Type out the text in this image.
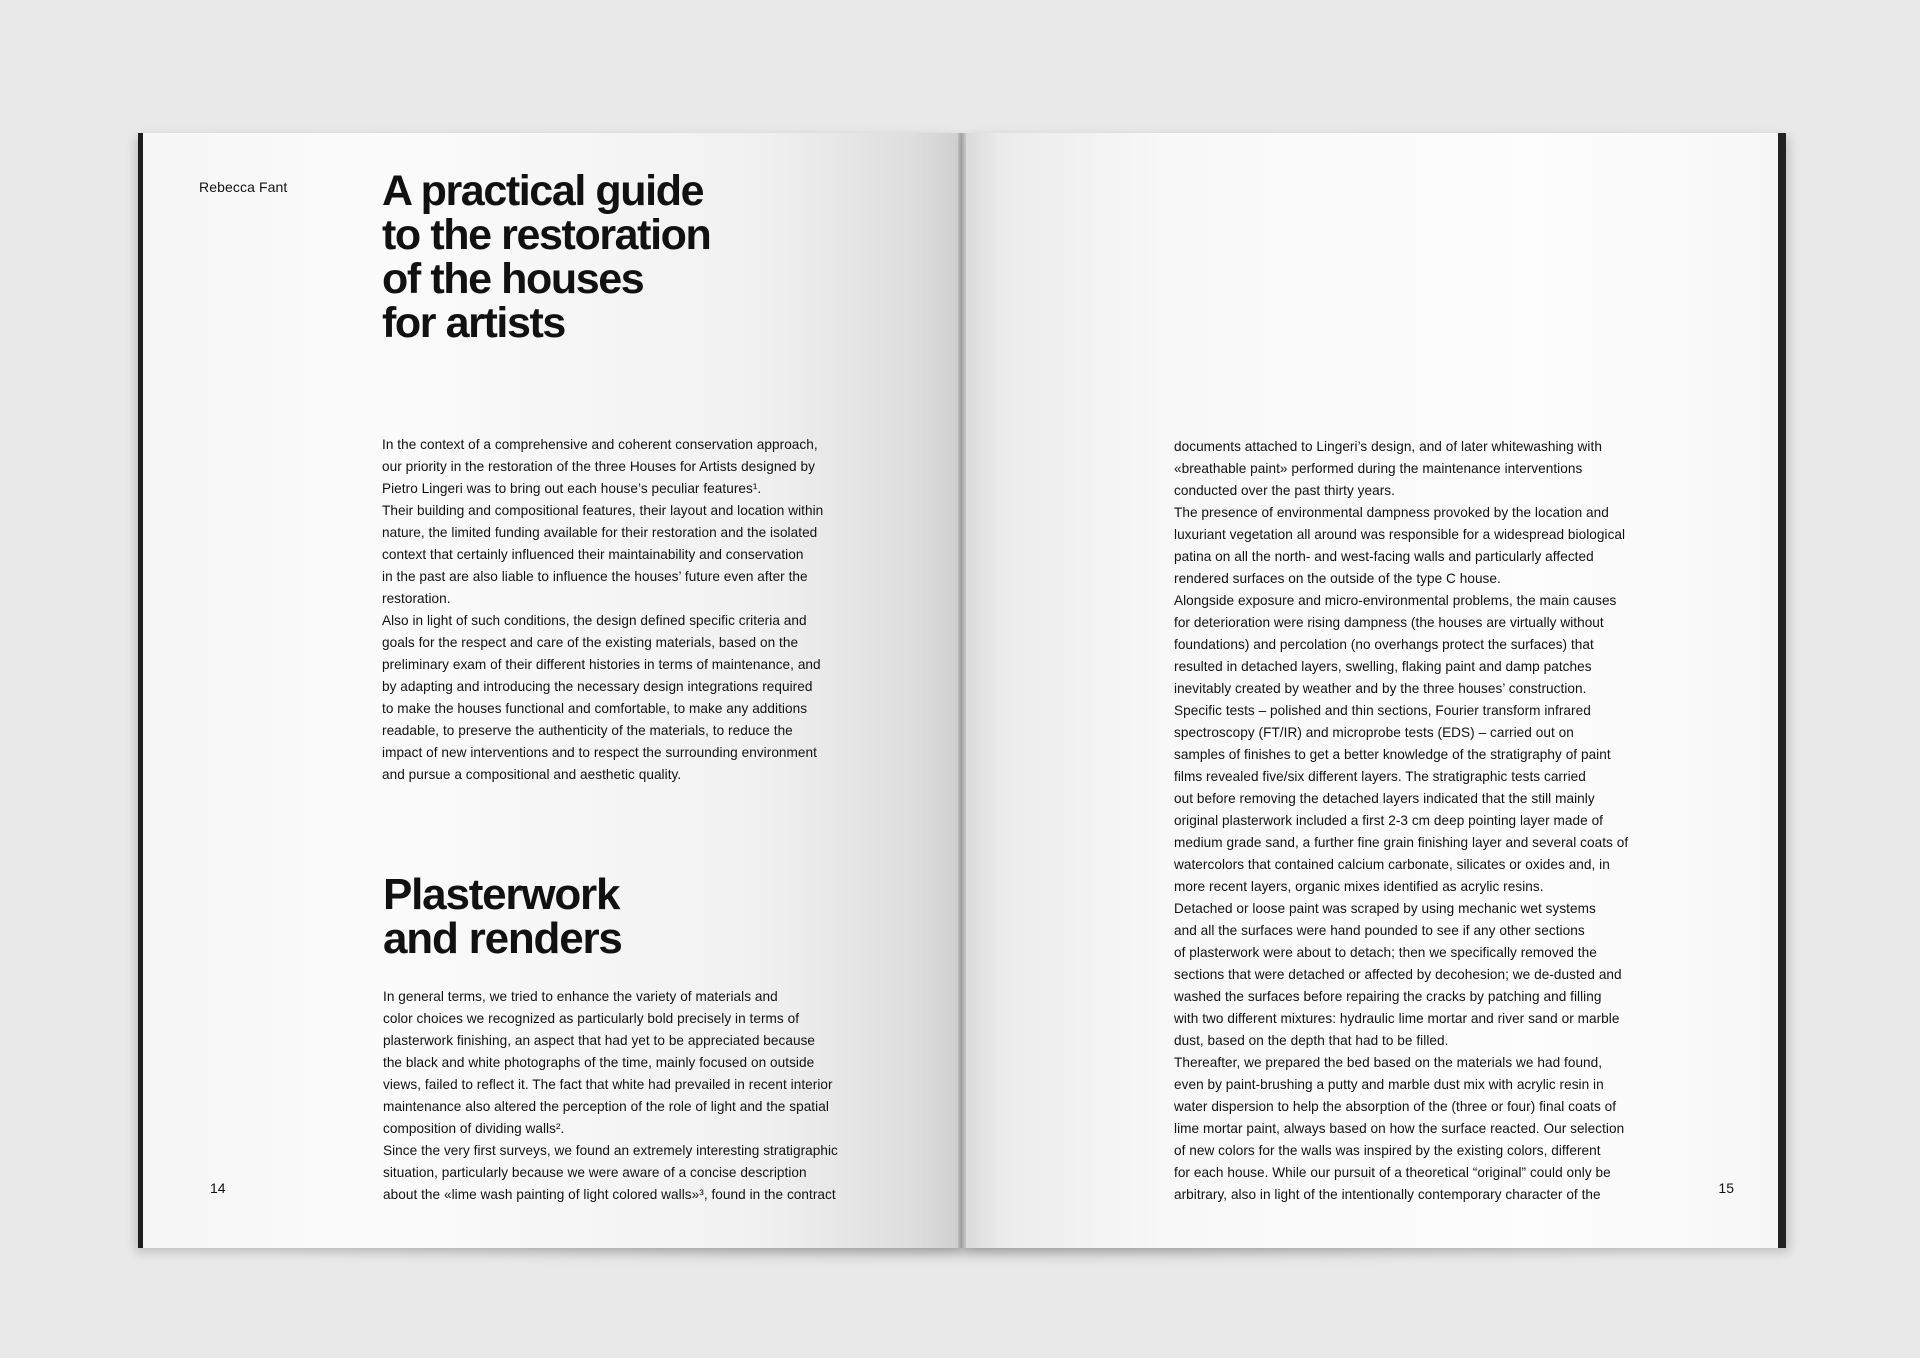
Rebecca Fant A practical guide
to the restoration
of the houses
for artists

In the context of a comprehensive and coherent conservation approach,
our priority in the restoration of the three Houses for Artists designed by
Pietro Lingeri was to bring out each house’s peculiar features¹.
Their building and compositional features, their layout and location within
nature, the limited funding available for their restoration and the isolated
context that certainly influenced their maintainability and conservation
in the past are also liable to influence the houses’ future even after the
restoration.
Also in light of such conditions, the design defined specific criteria and
goals for the respect and care of the existing materials, based on the
preliminary exam of their different histories in terms of maintenance, and
by adapting and introducing the necessary design integrations required
to make the houses functional and comfortable, to make any additions
readable, to preserve the authenticity of the materials, to reduce the
impact of new interventions and to respect the surrounding environment
and pursue a compositional and aesthetic quality.

Plasterwork
and renders

In general terms, we tried to enhance the variety of materials and
color choices we recognized as particularly bold precisely in terms of
plasterwork finishing, an aspect that had yet to be appreciated because
the black and white photographs of the time, mainly focused on outside
views, failed to reflect it. The fact that white had prevailed in recent interior
maintenance also altered the perception of the role of light and the spatial
composition of dividing walls².
Since the very first surveys, we found an extremely interesting stratigraphic
situation, particularly because we were aware of a concise description
about the «lime wash painting of light colored walls»³, found in the contract

14

documents attached to Lingeri’s design, and of later whitewashing with
«breathable paint» performed during the maintenance interventions
conducted over the past thirty years.
The presence of environmental dampness provoked by the location and
luxuriant vegetation all around was responsible for a widespread biological
patina on all the north- and west-facing walls and particularly affected
rendered surfaces on the outside of the type C house.
Alongside exposure and micro-environmental problems, the main causes
for deterioration were rising dampness (the houses are virtually without
foundations) and percolation (no overhangs protect the surfaces) that
resulted in detached layers, swelling, flaking paint and damp patches
inevitably created by weather and by the three houses’ construction.
Specific tests – polished and thin sections, Fourier transform infrared
spectroscopy (FT/IR) and microprobe tests (EDS) – carried out on
samples of finishes to get a better knowledge of the stratigraphy of paint
films revealed five/six different layers. The stratigraphic tests carried
out before removing the detached layers indicated that the still mainly
original plasterwork included a first 2-3 cm deep pointing layer made of
medium grade sand, a further fine grain finishing layer and several coats of
watercolors that contained calcium carbonate, silicates or oxides and, in
more recent layers, organic mixes identified as acrylic resins.
Detached or loose paint was scraped by using mechanic wet systems
and all the surfaces were hand pounded to see if any other sections
of plasterwork were about to detach; then we specifically removed the
sections that were detached or affected by decohesion; we de-dusted and
washed the surfaces before repairing the cracks by patching and filling
with two different mixtures: hydraulic lime mortar and river sand or marble
dust, based on the depth that had to be filled.
Thereafter, we prepared the bed based on the materials we had found,
even by paint-brushing a putty and marble dust mix with acrylic resin in
water dispersion to help the absorption of the (three or four) final coats of
lime mortar paint, always based on how the surface reacted. Our selection
of new colors for the walls was inspired by the existing colors, different
for each house. While our pursuit of a theoretical “original” could only be
arbitrary, also in light of the intentionally contemporary character of the	15
